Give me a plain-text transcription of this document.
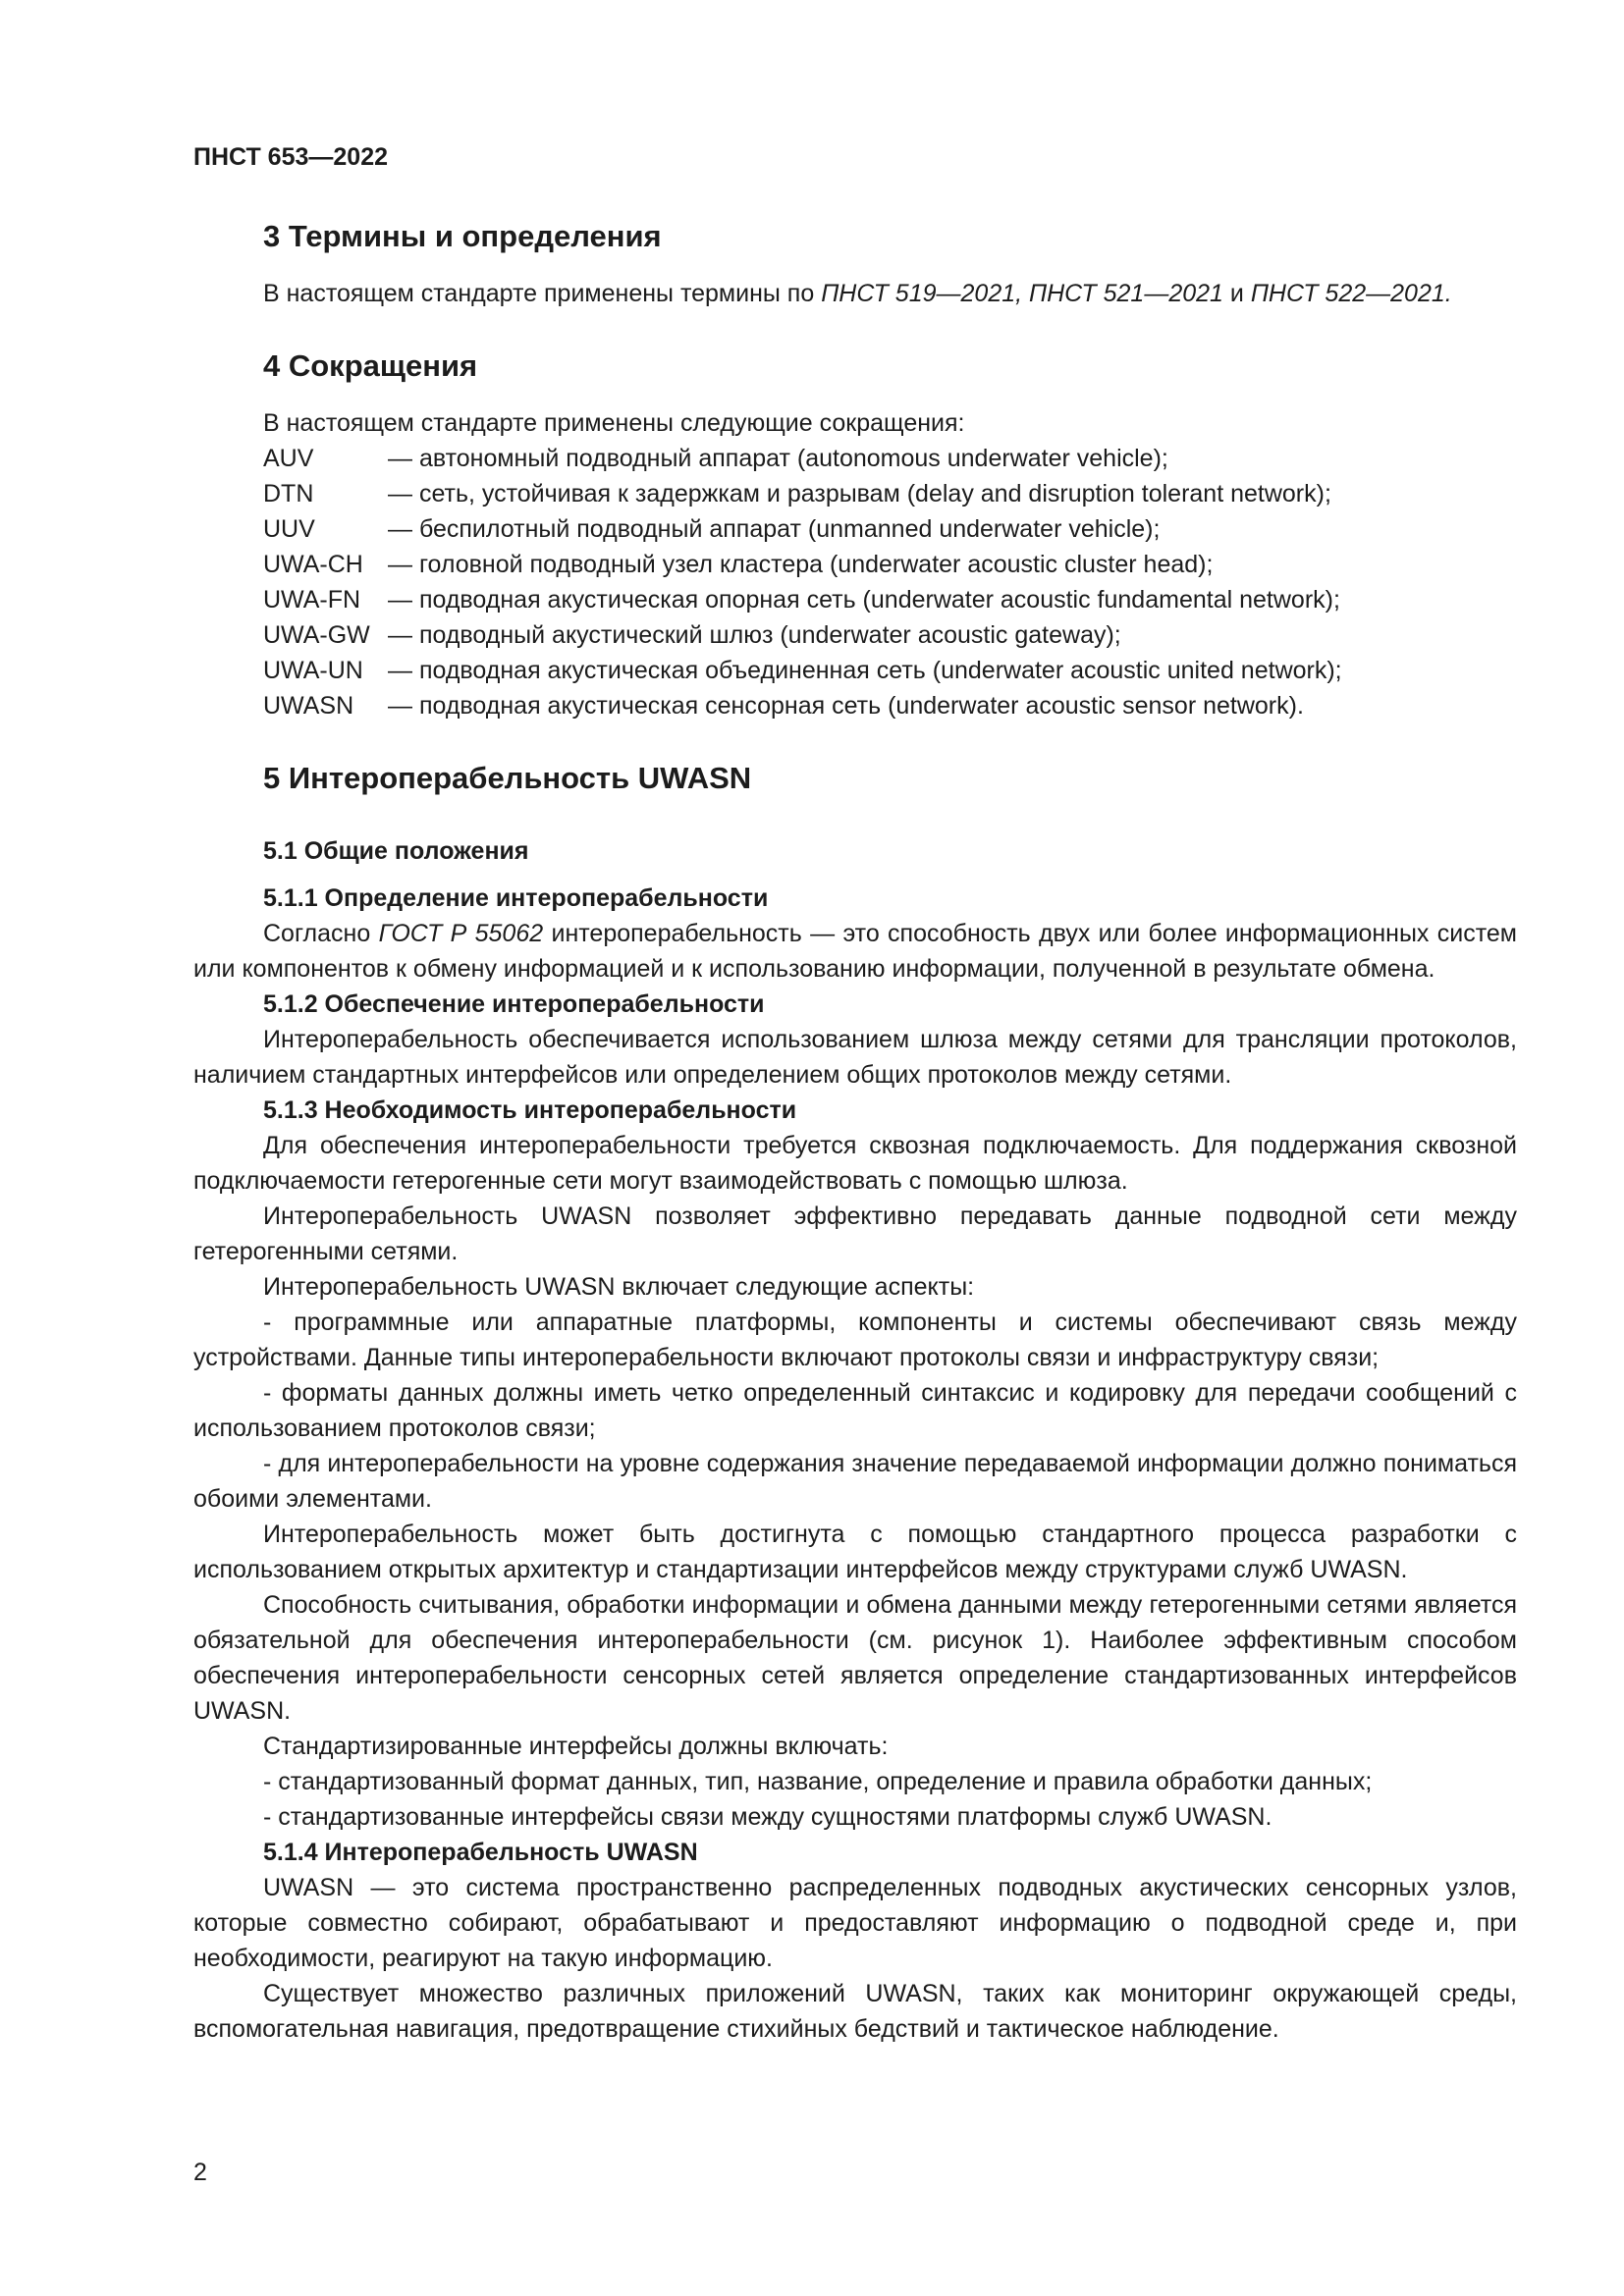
ПНСТ 653—2022
3 Термины и определения

В настоящем стандарте применены термины по ПНСТ 519—2021, ПНСТ 521—2021 и ПНСТ 522—2021.

4 Сокращения

В настоящем стандарте применены следующие сокращения:

AUV	— автономный подводный аппарат (autonomous underwater vehicle);
DTN	— сеть, устойчивая к задержкам и разрывам (delay and disruption tolerant network);
UUV	— беспилотный подводный аппарат (unmanned underwater vehicle);
UWA-CH	— головной подводный узел кластера (underwater acoustic cluster head);
UWA-FN	— подводная акустическая опорная сеть (underwater acoustic fundamental network);
UWA-GW — подводный акустический шлюз (underwater acoustic gateway);
UWA-UN	— подводная акустическая объединенная сеть (underwater acoustic united network);
UWASN	— подводная акустическая сенсорная сеть (underwater acoustic sensor network).
5 Интероперабельность UWASN
5.1 Общие положения
5.1.1 Определение интероперабельности

Согласно ГОСТ Р 55062 интероперабельность — это способность двух или более информационных систем или компонентов к обмену информацией и к использованию информации, полученной в результате обмена.

5.1.2 Обеспечение интероперабельности

Интероперабельность обеспечивается использованием шлюза между сетями для трансляции протоколов, наличием стандартных интерфейсов или определением общих протоколов между сетями.

5.1.3 Необходимость интероперабельности

Для обеспечения интероперабельности требуется сквозная подключаемость. Для поддержания сквозной подключаемости гетерогенные сети могут взаимодействовать с помощью шлюза.

Интероперабельность UWASN позволяет эффективно передавать данные подводной сети между гетерогенными сетями.

Интероперабельность UWASN включает следующие аспекты:

- программные или аппаратные платформы, компоненты и системы обеспечивают связь между устройствами. Данные типы интероперабельности включают протоколы связи и инфраструктуру связи;
- форматы данных должны иметь четко определенный синтаксис и кодировку для передачи сообщений с использованием протоколов связи;
- для интероперабельности на уровне содержания значение передаваемой информации должно пониматься обоими элементами.

Интероперабельность может быть достигнута с помощью стандартного процесса разработки с использованием открытых архитектур и стандартизации интерфейсов между структурами служб UWASN.

Способность считывания, обработки информации и обмена данными между гетерогенными сетями является обязательной для обеспечения интероперабельности (см. рисунок 1). Наиболее эффективным способом обеспечения интероперабельности сенсорных сетей является определение стандартизованных интерфейсов UWASN.

Стандартизированные интерфейсы должны включать:

- стандартизованный формат данных, тип, название, определение и правила обработки данных;
- стандартизованные интерфейсы связи между сущностями платформы служб UWASN.
5.1.4 Интероперабельность UWASN

UWASN — это система пространственно распределенных подводных акустических сенсорных узлов, которые совместно собирают, обрабатывают и предоставляют информацию о подводной среде и, при необходимости, реагируют на такую информацию.

Существует множество различных приложений UWASN, таких как мониторинг окружающей среды, вспомогательная навигация, предотвращение стихийных бедствий и тактическое наблюдение.

2
